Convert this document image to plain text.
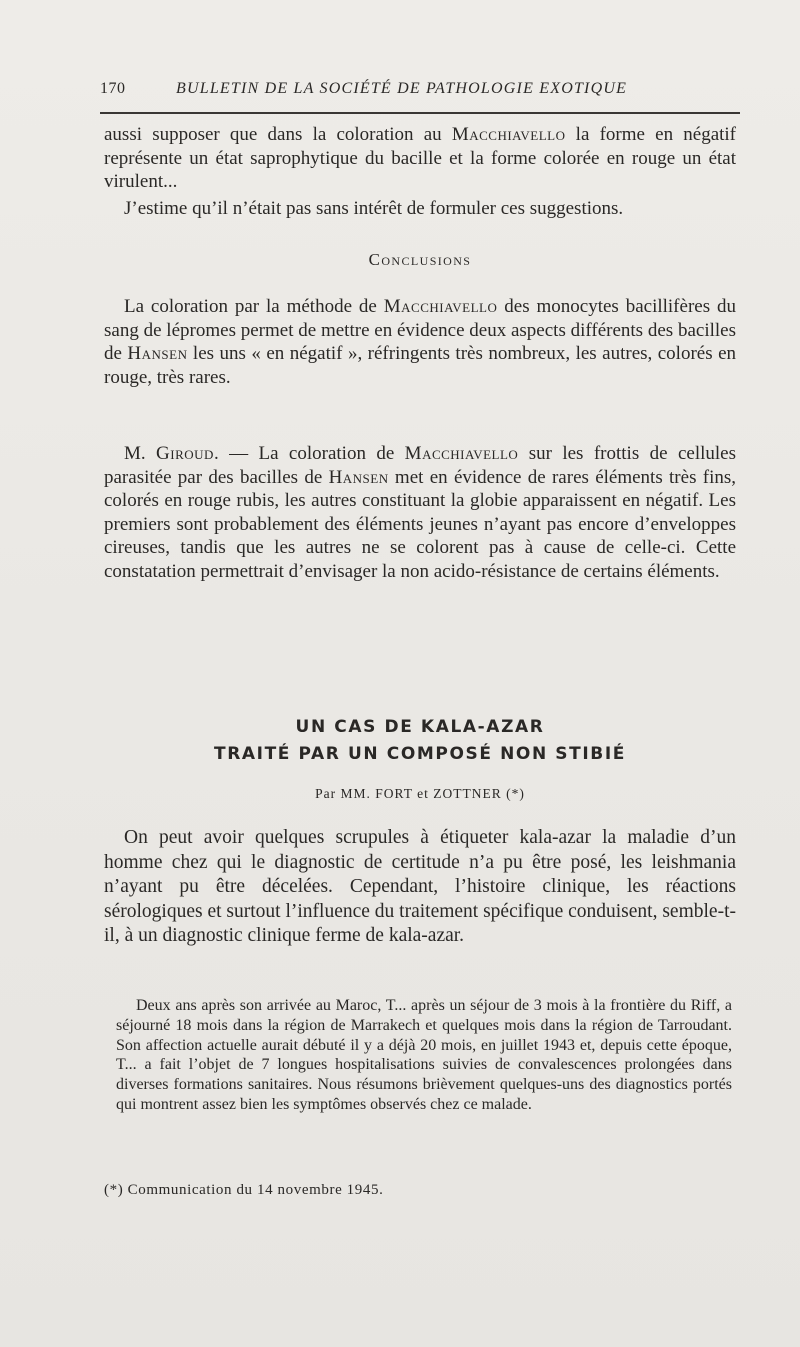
170	BULLETIN DE LA SOCIÉTÉ DE PATHOLOGIE EXOTIQUE

aussi supposer que dans la coloration au Macchiavello la forme en négatif représente un état saprophytique du bacille et la forme colorée en rouge un état virulent...

J’estime qu’il n’était pas sans intérêt de formuler ces suggestions.

Conclusions

La coloration par la méthode de Macchiavello des monocytes bacillifères du sang de lépromes permet de mettre en évidence deux aspects différents des bacilles de Hansen les uns « en négatif », réfringents très nombreux, les autres, colorés en rouge, très rares.

M. Giroud. — La coloration de Macchiavello sur les frottis de cellules parasitée par des bacilles de Hansen met en évidence de rares éléments très fins, colorés en rouge rubis, les autres constituant la globie apparaissent en négatif. Les premiers sont probablement des éléments jeunes n’ayant pas encore d’enveloppes cireuses, tandis que les autres ne se colorent pas à cause de celle-ci. Cette constatation permettrait d’envisager la non acido-résistance de certains éléments.

UN CAS DE KALA-AZAR
TRAITÉ PAR UN COMPOSÉ NON STIBIÉ
Par MM. FORT et ZOTTNER (*)

On peut avoir quelques scrupules à étiqueter kala-azar la maladie d’un homme chez qui le diagnostic de certitude n’a pu être posé, les leishmania n’ayant pu être décelées. Cependant, l’histoire clinique, les réactions sérologiques et surtout l’influence du traitement spécifique conduisent, semble-t-il, à un diagnostic clinique ferme de kala-azar.

Deux ans après son arrivée au Maroc, T... après un séjour de 3 mois à la frontière du Riff, a séjourné 18 mois dans la région de Marrakech et quelques mois dans la région de Tarroudant. Son affection actuelle aurait débuté il y a déjà 20 mois, en juillet 1943 et, depuis cette époque, T... a fait l’objet de 7 longues hospitalisations suivies de convalescences prolongées dans diverses formations sanitaires. Nous résumons brièvement quelques-uns des diagnostics portés qui montrent assez bien les symptômes observés chez ce malade.

(*) Communication du 14 novembre 1945.
